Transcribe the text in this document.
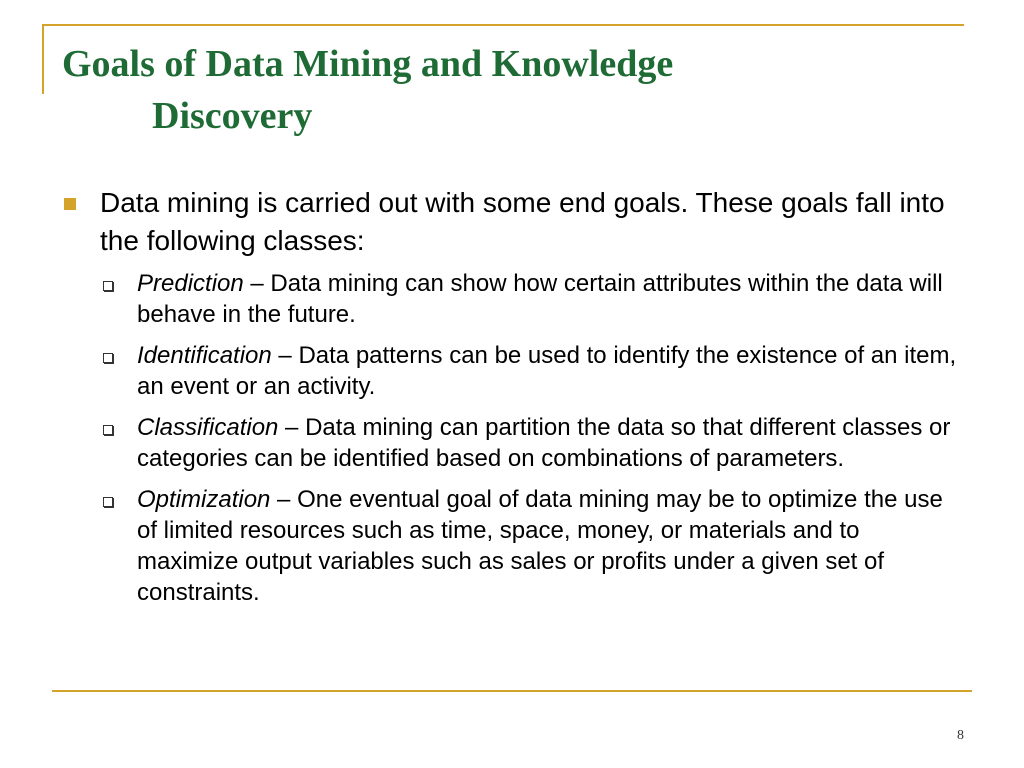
Goals of Data Mining and Knowledge
Discovery
Data mining is carried out with some end goals. These goals fall into the following classes:
Prediction – Data mining can show how certain attributes within the data will behave in the future.
Identification – Data patterns can be used to identify the existence of an item, an event or an activity.
Classification – Data mining can partition the data so that different classes or categories can be identified based on combinations of parameters.
Optimization – One eventual goal of data mining may be to optimize the use of limited resources such as time, space, money, or materials and to maximize output variables such as sales or profits under a given set of constraints.
8
